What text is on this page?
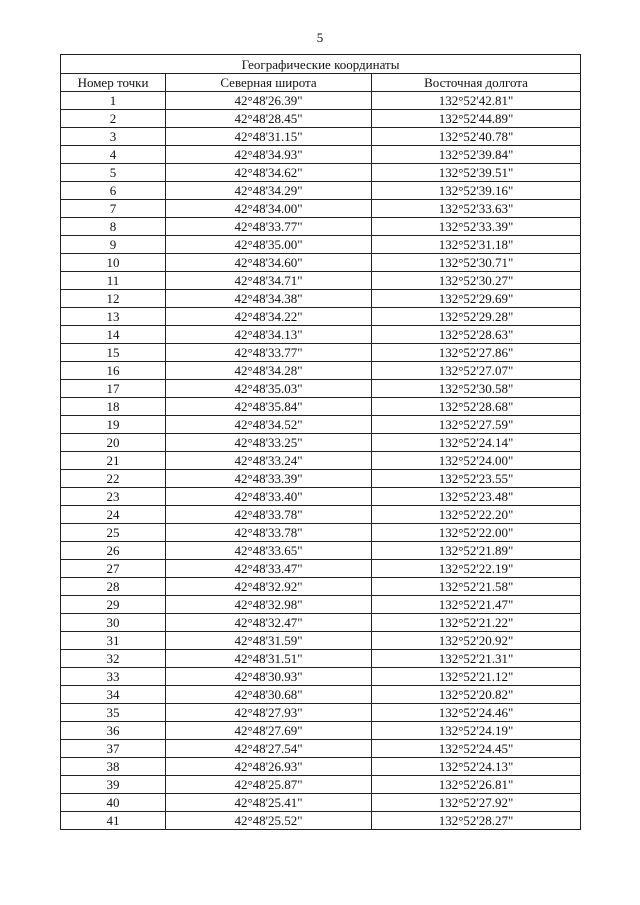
5
Географические координаты		
Номер точки	Северная широта	Восточная долгота
1	42°48'26.39"	132°52'42.81"
2	42°48'28.45"	132°52'44.89"
3	42°48'31.15"	132°52'40.78"
4	42°48'34.93"	132°52'39.84"
5	42°48'34.62"	132°52'39.51"
6	42°48'34.29"	132°52'39.16"
7	42°48'34.00"	132°52'33.63"
8	42°48'33.77"	132°52'33.39"
9	42°48'35.00"	132°52'31.18"
10	42°48'34.60"	132°52'30.71"
11	42°48'34.71"	132°52'30.27"
12	42°48'34.38"	132°52'29.69"
13	42°48'34.22"	132°52'29.28"
14	42°48'34.13"	132°52'28.63"
15	42°48'33.77"	132°52'27.86"
16	42°48'34.28"	132°52'27.07"
17	42°48'35.03"	132°52'30.58"
18	42°48'35.84"	132°52'28.68"
19	42°48'34.52"	132°52'27.59"
20	42°48'33.25"	132°52'24.14"
21	42°48'33.24"	132°52'24.00"
22	42°48'33.39"	132°52'23.55"
23	42°48'33.40"	132°52'23.48"
24	42°48'33.78"	132°52'22.20"
25	42°48'33.78"	132°52'22.00"
26	42°48'33.65"	132°52'21.89"
27	42°48'33.47"	132°52'22.19"
28	42°48'32.92"	132°52'21.58"
29	42°48'32.98"	132°52'21.47"
30	42°48'32.47"	132°52'21.22"
31	42°48'31.59"	132°52'20.92"
32	42°48'31.51"	132°52'21.31"
33	42°48'30.93"	132°52'21.12"
34	42°48'30.68"	132°52'20.82"
35	42°48'27.93"	132°52'24.46"
36	42°48'27.69"	132°52'24.19"
37	42°48'27.54"	132°52'24.45"
38	42°48'26.93"	132°52'24.13"
39	42°48'25.87"	132°52'26.81"
40	42°48'25.41"	132°52'27.92"
41	42°48'25.52"	132°52'28.27"
